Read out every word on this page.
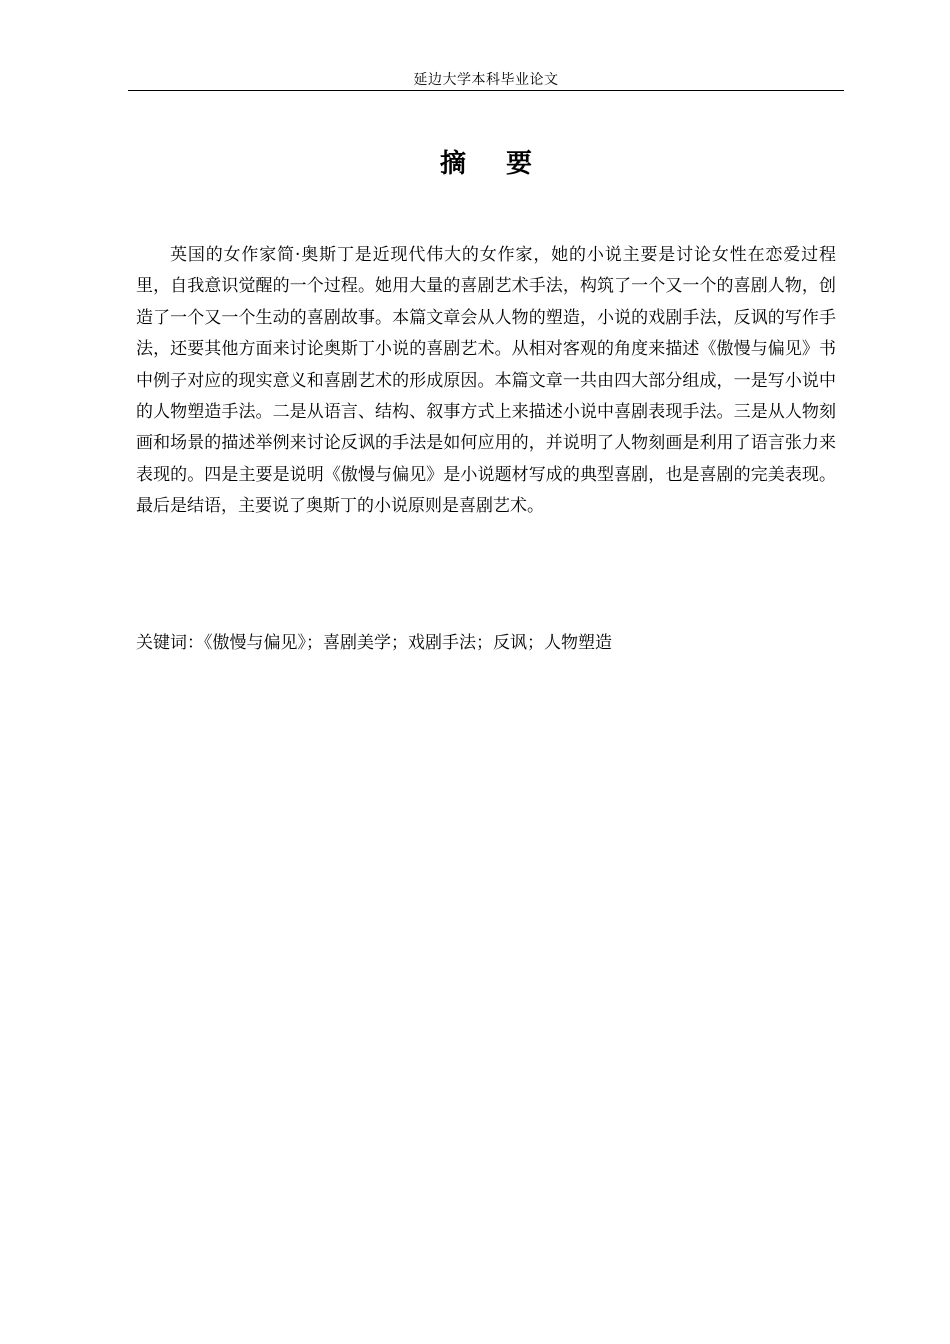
延边大学本科毕业论文
摘 要

英国的女作家简·奥斯丁是近现代伟大的女作家，她的小说主要是讨论女性在恋爱过程里，自我意识觉醒的一个过程。她用大量的喜剧艺术手法，构筑了一个又一个的喜剧人物，创造了一个又一个生动的喜剧故事。本篇文章会从人物的塑造，小说的戏剧手法，反讽的写作手法，还要其他方面来讨论奥斯丁小说的喜剧艺术。从相对客观的角度来描述《傲慢与偏见》书中例子对应的现实意义和喜剧艺术的形成原因。本篇文章一共由四大部分组成，一是写小说中的人物塑造手法。二是从语言、结构、叙事方式上来描述小说中喜剧表现手法。三是从人物刻画和场景的描述举例来讨论反讽的手法是如何应用的，并说明了人物刻画是利用了语言张力来表现的。四是主要是说明《傲慢与偏见》是小说题材写成的典型喜剧，也是喜剧的完美表现。最后是结语，主要说了奥斯丁的小说原则是喜剧艺术。

关键词：《傲慢与偏见》；喜剧美学；戏剧手法；反讽；人物塑造
